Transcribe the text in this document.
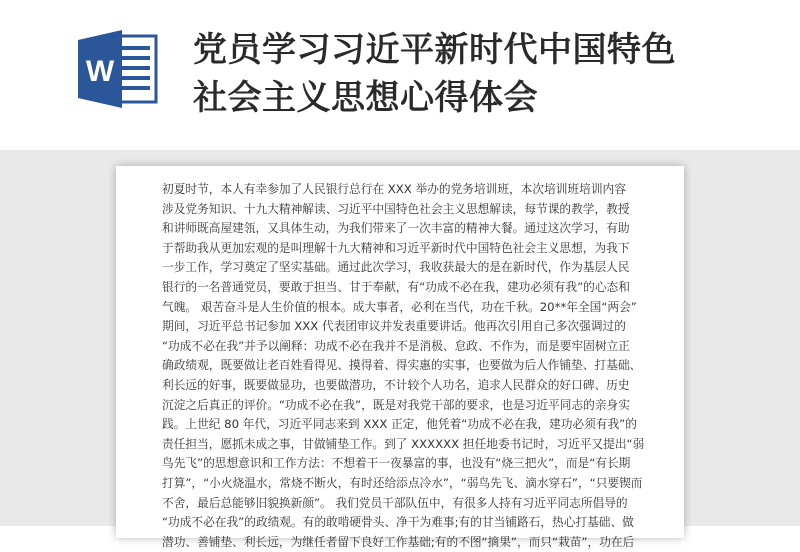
W
党员学习习近平新时代中国特色
社会主义思想心得体会
初夏时节，本人有幸参加了人民银行总行在 XXX 举办的党务培训班，本次培训班培训内容
涉及党务知识、十九大精神解读、习近平中国特色社会主义思想解读，每节课的教学，教授
和讲师既高屋建瓴，又具体生动，为我们带来了一次丰富的精神大餐。通过这次学习，有助
于帮助我从更加宏观的是叫理解十九大精神和习近平新时代中国特色社会主义思想，为我下
一步工作，学习奠定了坚实基础。通过此次学习，我收获最大的是在新时代，作为基层人民
银行的一名普通党员，要敢于担当、甘于奉献，有“功成不必在我，建功必须有我”的心态和
气魄。 艰苦奋斗是人生价值的根本。成大事者，必利在当代，功在千秋。20**年全国“两会”
期间，习近平总书记参加 XXX 代表团审议并发表重要讲话。他再次引用自己多次强调过的
“功成不必在我”并予以阐释：功成不必在我并不是消极、怠政、不作为，而是要牢固树立正
确政绩观，既要做让老百姓看得见、摸得着、得实惠的实事，也要做为后人作铺垫、打基础、
利长远的好事，既要做显功，也要做潜功，不计较个人功名，追求人民群众的好口碑、历史
沉淀之后真正的评价。“功成不必在我”，既是对我党干部的要求，也是习近平同志的亲身实
践。上世纪 80 年代，习近平同志来到 XXX 正定，他凭着“功成不必在我，建功必须有我”的
责任担当，愿抓未成之事，甘做铺垫工作。到了 XXXXXX 担任地委书记时，习近平又提出“弱
鸟先飞”的思想意识和工作方法：不想着干一夜暴富的事，也没有“烧三把火”，而是“有长期
打算”，“小火烧温水，常烧不断火，有时还给添点冷水”，“弱鸟先飞、滴水穿石”，“只要锲而
不舍，最后总能够旧貌换新颜”。 我们党员干部队伍中，有很多人持有习近平同志所倡导的
“功成不必在我”的政绩观。有的敢啃硬骨头、净干为难事;有的甘当铺路石，热心打基础、做
潜功、善铺垫、利长远，为继任者留下良好工作基础;有的不图“摘果”，而只“栽苗”，功在后
